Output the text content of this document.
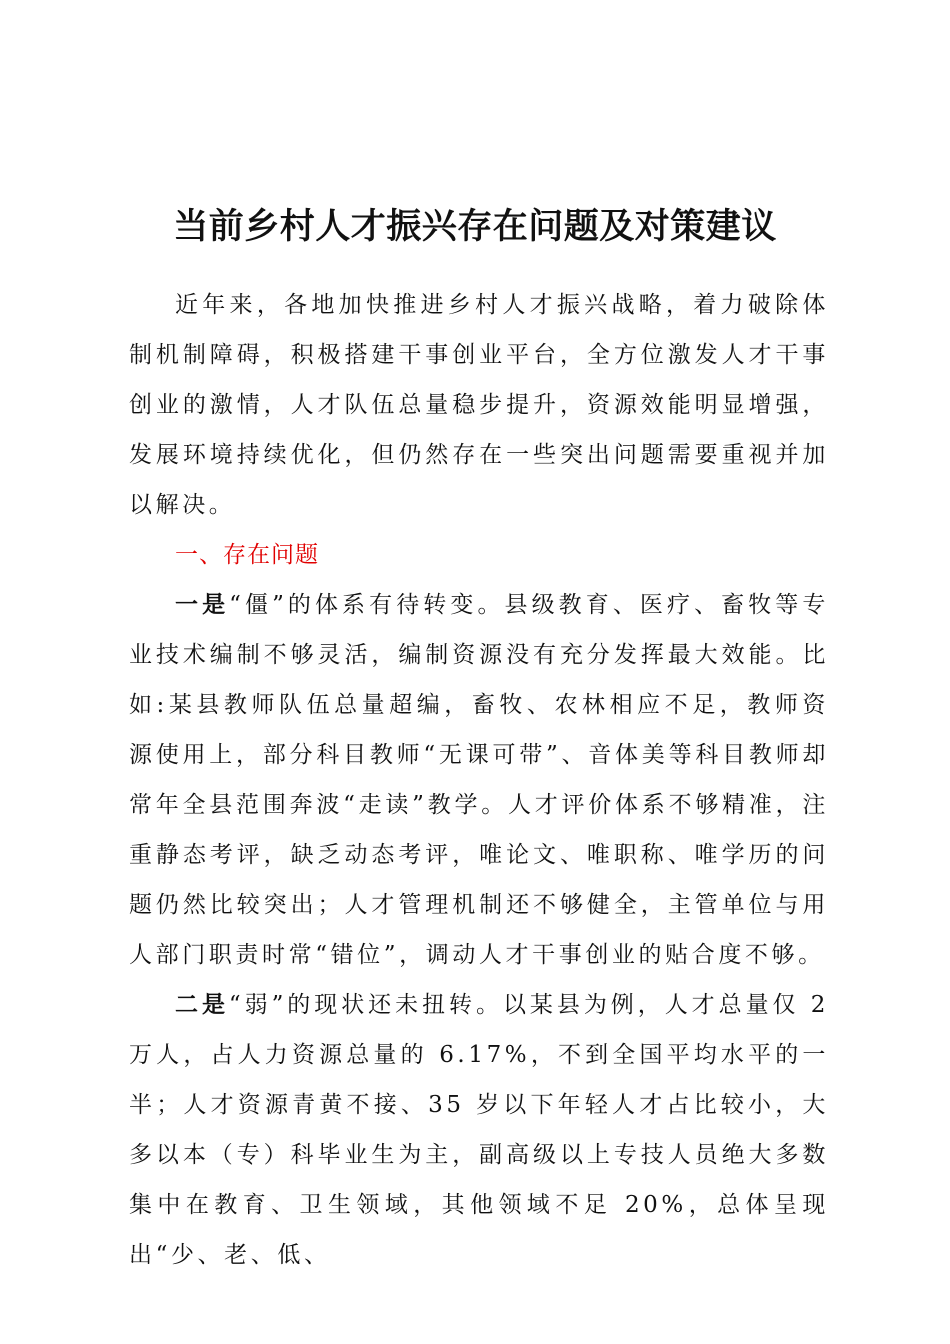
当前乡村人才振兴存在问题及对策建议

近年来，各地加快推进乡村人才振兴战略，着力破除体制机制障碍，积极搭建干事创业平台，全方位激发人才干事创业的激情，人才队伍总量稳步提升，资源效能明显增强，发展环境持续优化，但仍然存在一些突出问题需要重视并加以解决。

一、存在问题

一是“僵”的体系有待转变。县级教育、医疗、畜牧等专业技术编制不够灵活，编制资源没有充分发挥最大效能。比如:某县教师队伍总量超编，畜牧、农林相应不足，教师资源使用上，部分科目教师“无课可带”、音体美等科目教师却常年全县范围奔波“走读”教学。人才评价体系不够精准，注重静态考评，缺乏动态考评，唯论文、唯职称、唯学历的问题仍然比较突出；人才管理机制还不够健全，主管单位与用人部门职责时常“错位”，调动人才干事创业的贴合度不够。

二是“弱”的现状还未扭转。以某县为例，人才总量仅 2 万人，占人力资源总量的 6.17%，不到全国平均水平的一半；人才资源青黄不接、35 岁以下年轻人才占比较小，大多以本（专）科毕业生为主，副高级以上专技人员绝大多数集中在教育、卫生领域，其他领域不足 20%，总体呈现出“少、老、低、
